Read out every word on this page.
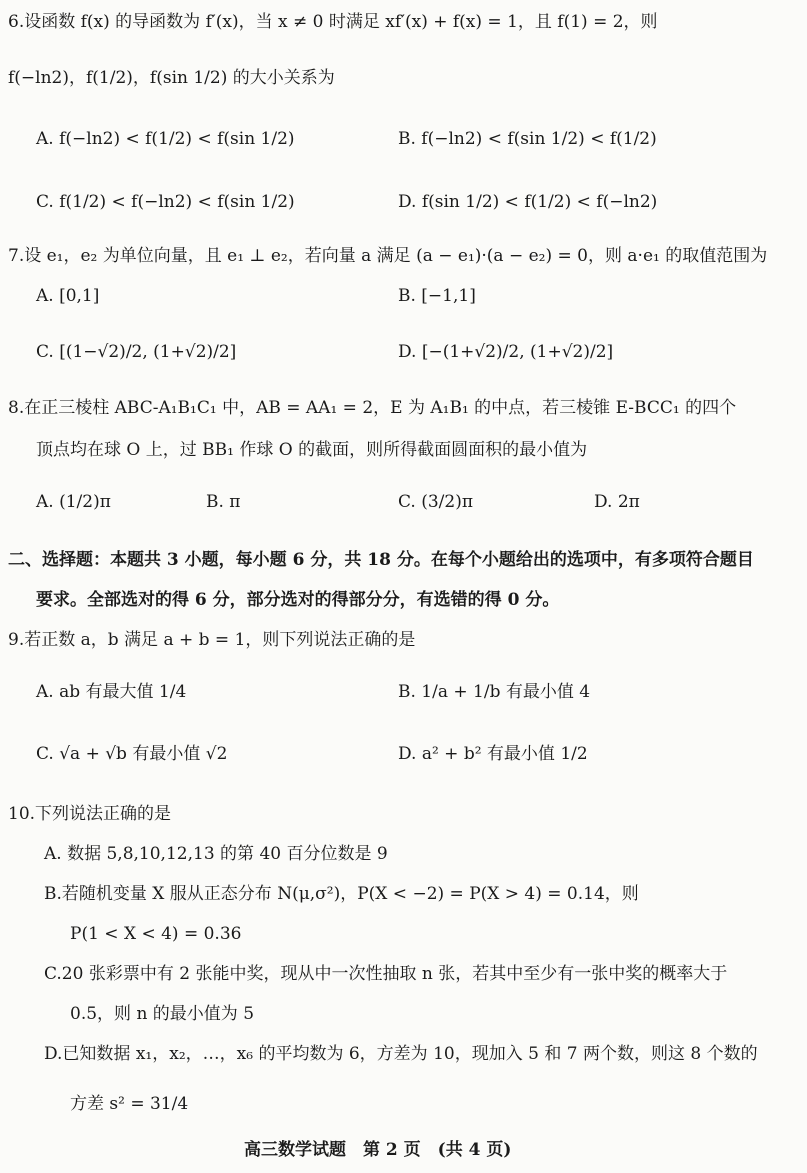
6.设函数 f(x) 的导函数为 f′(x)，当 x ≠ 0 时满足 xf′(x) + f(x) = 1，且 f(1) = 2，则
f(−ln2)，f(1/2)，f(sin 1/2) 的大小关系为
A. f(−ln2) < f(1/2) < f(sin 1/2)	B. f(−ln2) < f(sin 1/2) < f(1/2)
C. f(1/2) < f(−ln2) < f(sin 1/2)	D. f(sin 1/2) < f(1/2) < f(−ln2)
7.设 e₁，e₂ 为单位向量，且 e₁ ⊥ e₂，若向量 a 满足 (a − e₁)·(a − e₂) = 0，则 a·e₁ 的取值范围为
A. [0,1]	B. [−1,1]
C. [(1−√2)/2, (1+√2)/2]	D. [−(1+√2)/2, (1+√2)/2]
8.在正三棱柱 ABC-A₁B₁C₁ 中，AB = AA₁ = 2，E 为 A₁B₁ 的中点，若三棱锥 E-BCC₁ 的四个
顶点均在球 O 上，过 BB₁ 作球 O 的截面，则所得截面圆面积的最小值为
A. (1/2)π	B. π	C. (3/2)π	D. 2π
二、选择题：本题共 3 小题，每小题 6 分，共 18 分。在每个小题给出的选项中，有多项符合题目
要求。全部选对的得 6 分，部分选对的得部分分，有选错的得 0 分。
9.若正数 a，b 满足 a + b = 1，则下列说法正确的是
A. ab 有最大值 1/4	B. 1/a + 1/b 有最小值 4
C. √a + √b 有最小值 √2	D. a² + b² 有最小值 1/2
10.下列说法正确的是
A. 数据 5,8,10,12,13 的第 40 百分位数是 9
B.若随机变量 X 服从正态分布 N(μ,σ²)，P(X < −2) = P(X > 4) = 0.14，则
P(1 < X < 4) = 0.36
C.20 张彩票中有 2 张能中奖，现从中一次性抽取 n 张，若其中至少有一张中奖的概率大于
0.5，则 n 的最小值为 5
D.已知数据 x₁，x₂，…，x₆ 的平均数为 6，方差为 10，现加入 5 和 7 两个数，则这 8 个数的
方差 s² = 31/4
高三数学试题　第 2 页　(共 4 页)
